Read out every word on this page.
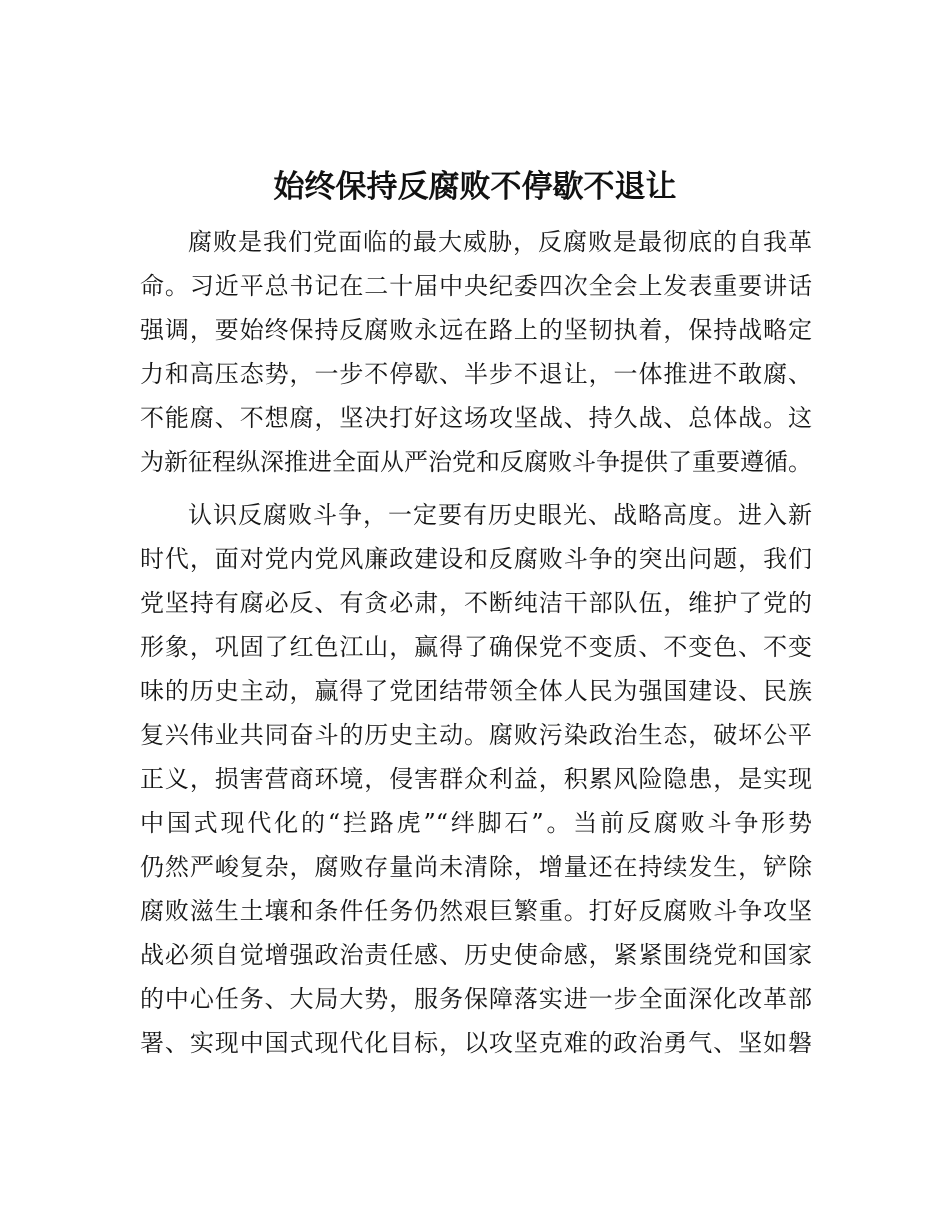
始终保持反腐败不停歇不退让
腐败是我们党面临的最大威胁，反腐败是最彻底的自我革
命。习近平总书记在二十届中央纪委四次全会上发表重要讲话
强调，要始终保持反腐败永远在路上的坚韧执着，保持战略定
力和高压态势，一步不停歇、半步不退让，一体推进不敢腐、
不能腐、不想腐，坚决打好这场攻坚战、持久战、总体战。这
为新征程纵深推进全面从严治党和反腐败斗争提供了重要遵循。
认识反腐败斗争，一定要有历史眼光、战略高度。进入新
时代，面对党内党风廉政建设和反腐败斗争的突出问题，我们
党坚持有腐必反、有贪必肃，不断纯洁干部队伍，维护了党的
形象，巩固了红色江山，赢得了确保党不变质、不变色、不变
味的历史主动，赢得了党团结带领全体人民为强国建设、民族
复兴伟业共同奋斗的历史主动。腐败污染政治生态，破坏公平
正义，损害营商环境，侵害群众利益，积累风险隐患，是实现
中国式现代化的“拦路虎”“绊脚石”。当前反腐败斗争形势
仍然严峻复杂，腐败存量尚未清除，增量还在持续发生，铲除
腐败滋生土壤和条件任务仍然艰巨繁重。打好反腐败斗争攻坚
战必须自觉增强政治责任感、历史使命感，紧紧围绕党和国家
的中心任务、大局大势，服务保障落实进一步全面深化改革部
署、实现中国式现代化目标，以攻坚克难的政治勇气、坚如磐
